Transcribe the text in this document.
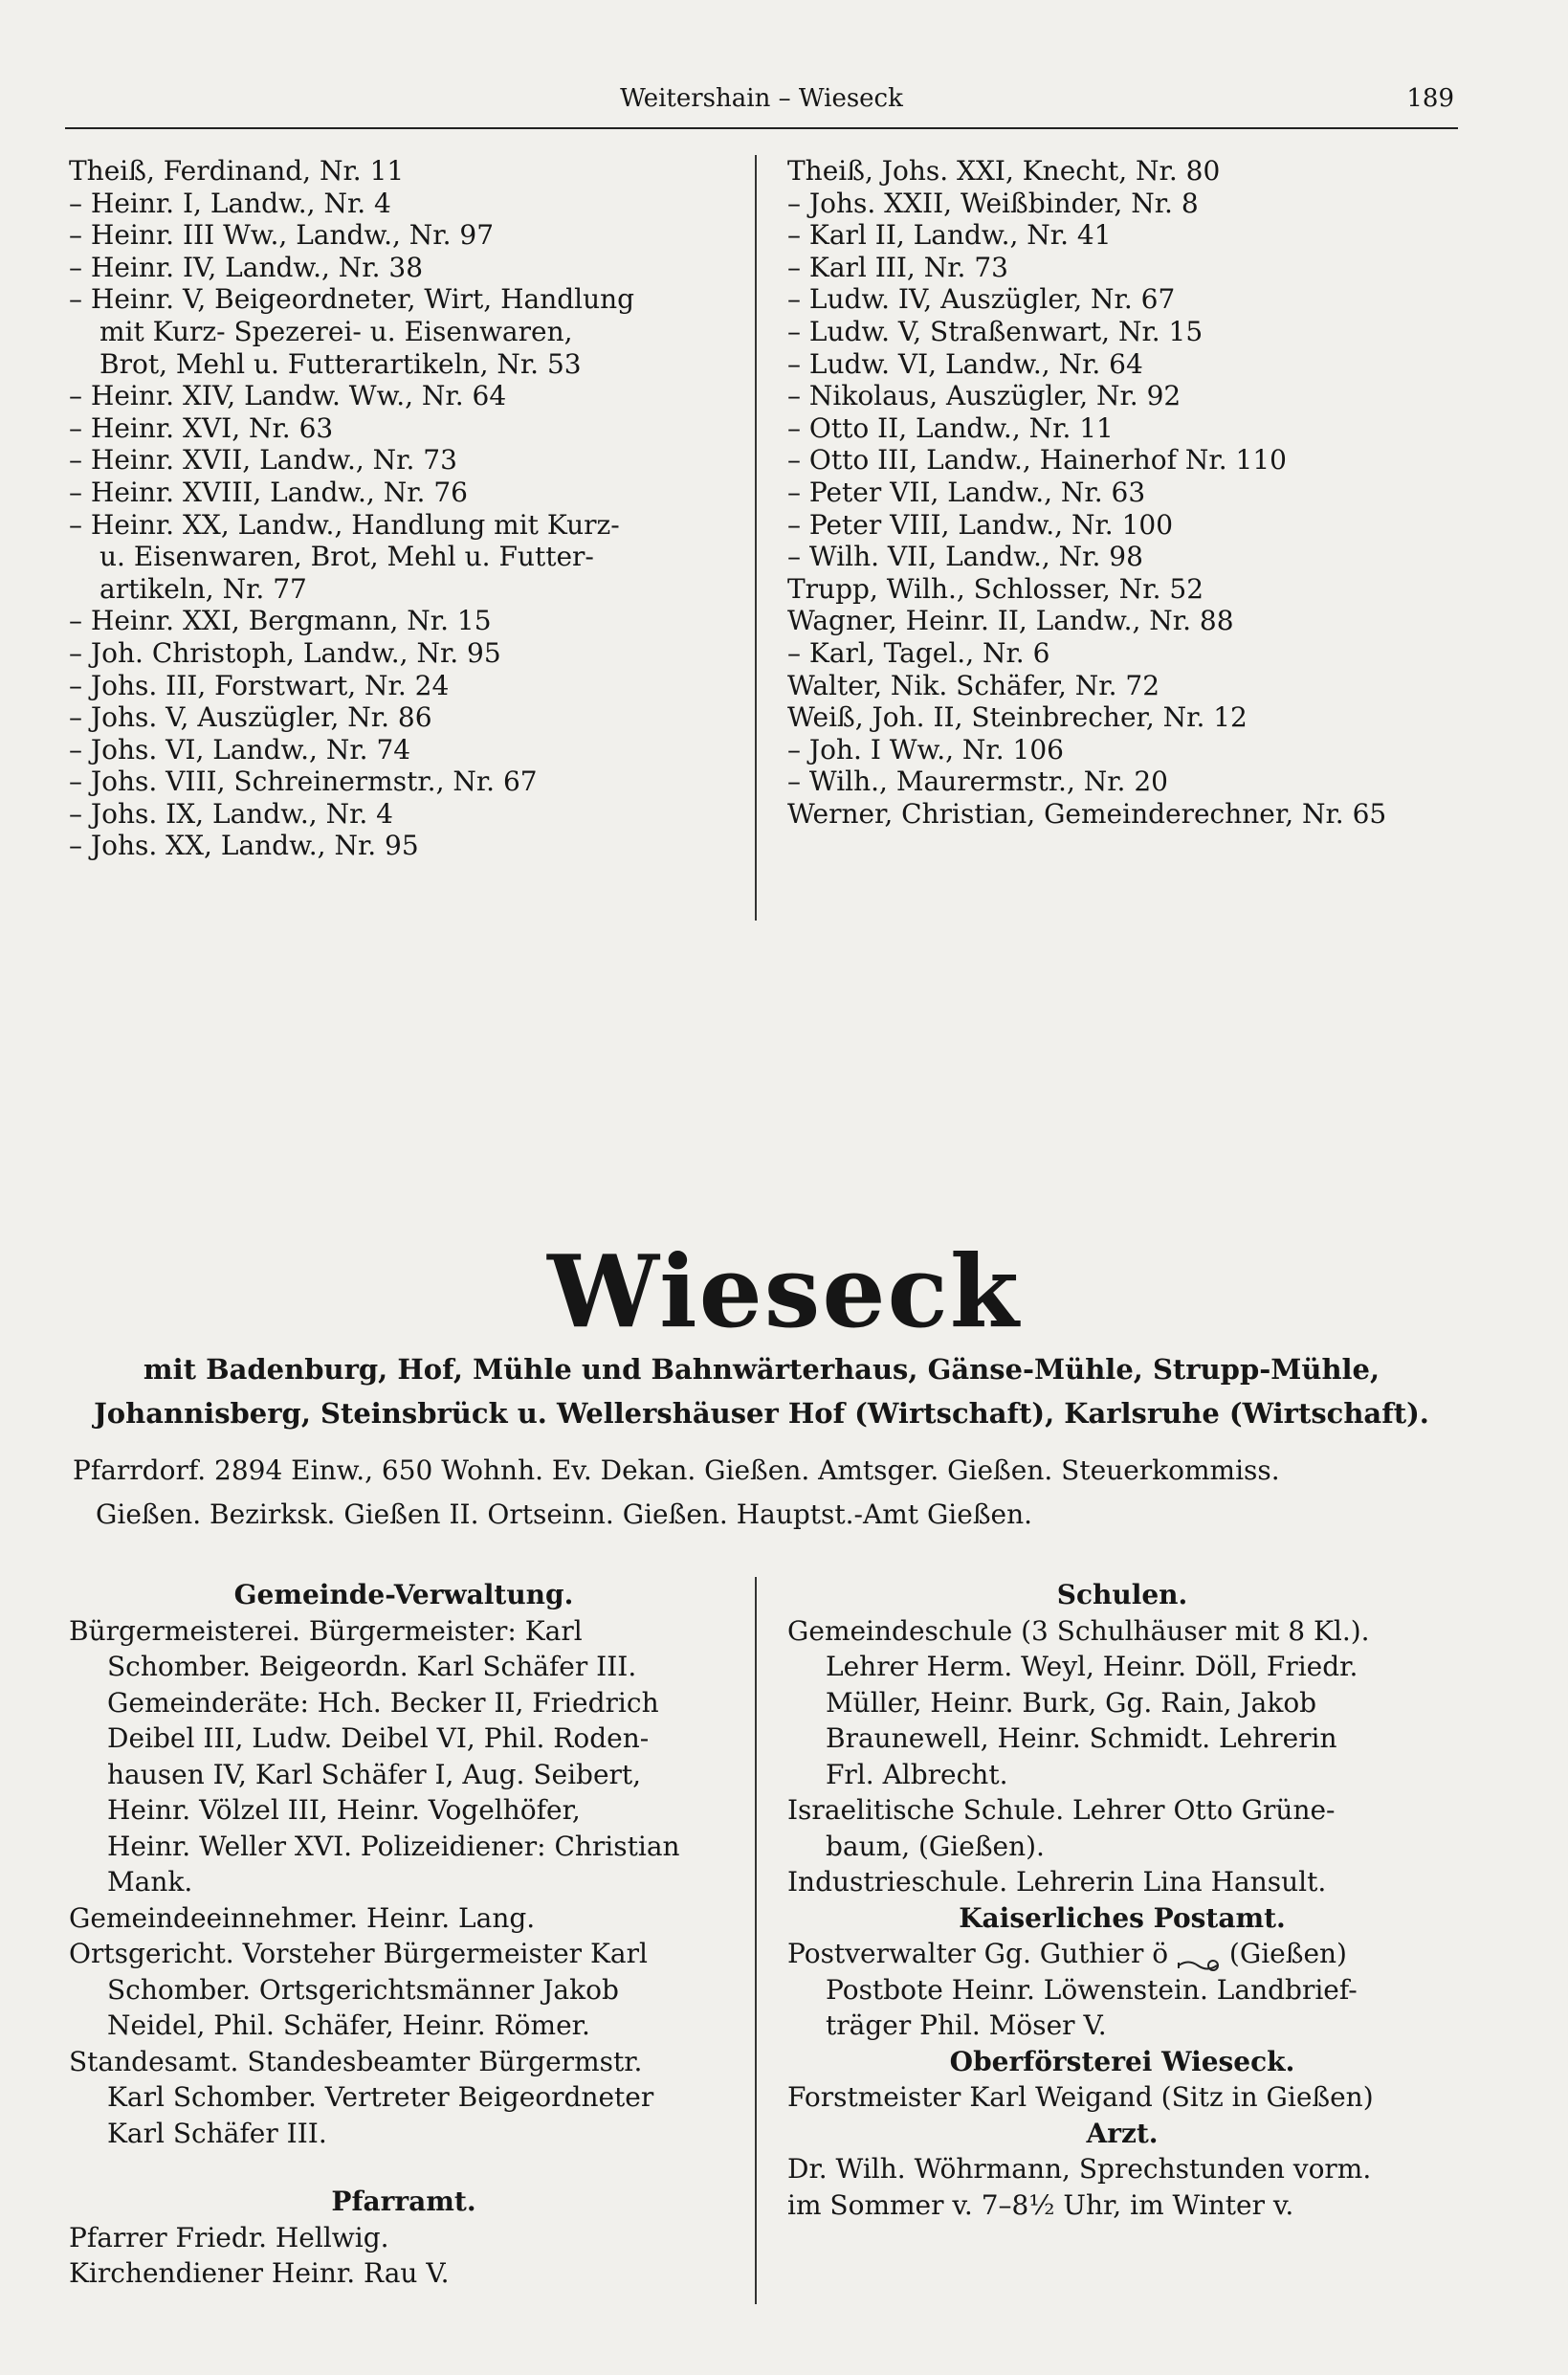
Weitershain – Wieseck	189
Theiß, Ferdinand, Nr. 11
– Heinr. I, Landw., Nr. 4
– Heinr. III Ww., Landw., Nr. 97
– Heinr. IV, Landw., Nr. 38
– Heinr. V, Beigeordneter, Wirt, Handlung
mit Kurz- Spezerei- u. Eisenwaren,
Brot, Mehl u. Futterartikeln, Nr. 53
– Heinr. XIV, Landw. Ww., Nr. 64
– Heinr. XVI, Nr. 63
– Heinr. XVII, Landw., Nr. 73
– Heinr. XVIII, Landw., Nr. 76
– Heinr. XX, Landw., Handlung mit Kurz-
u. Eisenwaren, Brot, Mehl u. Futter-
artikeln, Nr. 77
– Heinr. XXI, Bergmann, Nr. 15
– Joh. Christoph, Landw., Nr. 95
– Johs. III, Forstwart, Nr. 24
– Johs. V, Auszügler, Nr. 86
– Johs. VI, Landw., Nr. 74
– Johs. VIII, Schreinermstr., Nr. 67
– Johs. IX, Landw., Nr. 4
– Johs. XX, Landw., Nr. 95
Theiß, Johs. XXI, Knecht, Nr. 80
– Johs. XXII, Weißbinder, Nr. 8
– Karl II, Landw., Nr. 41
– Karl III, Nr. 73
– Ludw. IV, Auszügler, Nr. 67
– Ludw. V, Straßenwart, Nr. 15
– Ludw. VI, Landw., Nr. 64
– Nikolaus, Auszügler, Nr. 92
– Otto II, Landw., Nr. 11
– Otto III, Landw., Hainerhof Nr. 110
– Peter VII, Landw., Nr. 63
– Peter VIII, Landw., Nr. 100
– Wilh. VII, Landw., Nr. 98
Trupp, Wilh., Schlosser, Nr. 52
Wagner, Heinr. II, Landw., Nr. 88
– Karl, Tagel., Nr. 6
Walter, Nik. Schäfer, Nr. 72
Weiß, Joh. II, Steinbrecher, Nr. 12
– Joh. I Ww., Nr. 106
– Wilh., Maurermstr., Nr. 20
Werner, Christian, Gemeinderechner, Nr. 65
Wieseck
mit Badenburg, Hof, Mühle und Bahnwärterhaus, Gänse-Mühle, Strupp-Mühle,
Johannisberg, Steinsbrück u. Wellershäuser Hof (Wirtschaft), Karlsruhe (Wirtschaft).
Pfarrdorf. 2894 Einw., 650 Wohnh. Ev. Dekan. Gießen. Amtsger. Gießen. Steuerkommiss.
Gießen. Bezirksk. Gießen II. Ortseinn. Gießen. Hauptst.-Amt Gießen.
Gemeinde-Verwaltung.
Bürgermeisterei. Bürgermeister: Karl
Schomber. Beigeordn. Karl Schäfer III.
Gemeinderäte: Hch. Becker II, Friedrich
Deibel III, Ludw. Deibel VI, Phil. Roden-
hausen IV, Karl Schäfer I, Aug. Seibert,
Heinr. Völzel III, Heinr. Vogelhöfer,
Heinr. Weller XVI. Polizeidiener: Christian
Mank.
Gemeindeeinnehmer. Heinr. Lang.
Ortsgericht. Vorsteher Bürgermeister Karl
Schomber. Ortsgerichtsmänner Jakob
Neidel, Phil. Schäfer, Heinr. Römer.
Standesamt. Standesbeamter Bürgermstr.
Karl Schomber. Vertreter Beigeordneter
Karl Schäfer III.
Pfarramt.
Pfarrer Friedr. Hellwig.
Kirchendiener Heinr. Rau V.
Schulen.
Gemeindeschule (3 Schulhäuser mit 8 Kl.).
Lehrer Herm. Weyl, Heinr. Döll, Friedr.
Müller, Heinr. Burk, Gg. Rain, Jakob
Braunewell, Heinr. Schmidt. Lehrerin
Frl. Albrecht.
Israelitische Schule. Lehrer Otto Grüne-
baum, (Gießen).
Industrieschule. Lehrerin Lina Hansult.
Kaiserliches Postamt.
Postverwalter Gg. Guthier ö  (Gießen)
Postbote Heinr. Löwenstein. Landbrief-
träger Phil. Möser V.
Oberförsterei Wieseck.
Forstmeister Karl Weigand (Sitz in Gießen)
Arzt.
Dr. Wilh. Wöhrmann, Sprechstunden vorm.
im Sommer v. 7–8½ Uhr, im Winter v.
